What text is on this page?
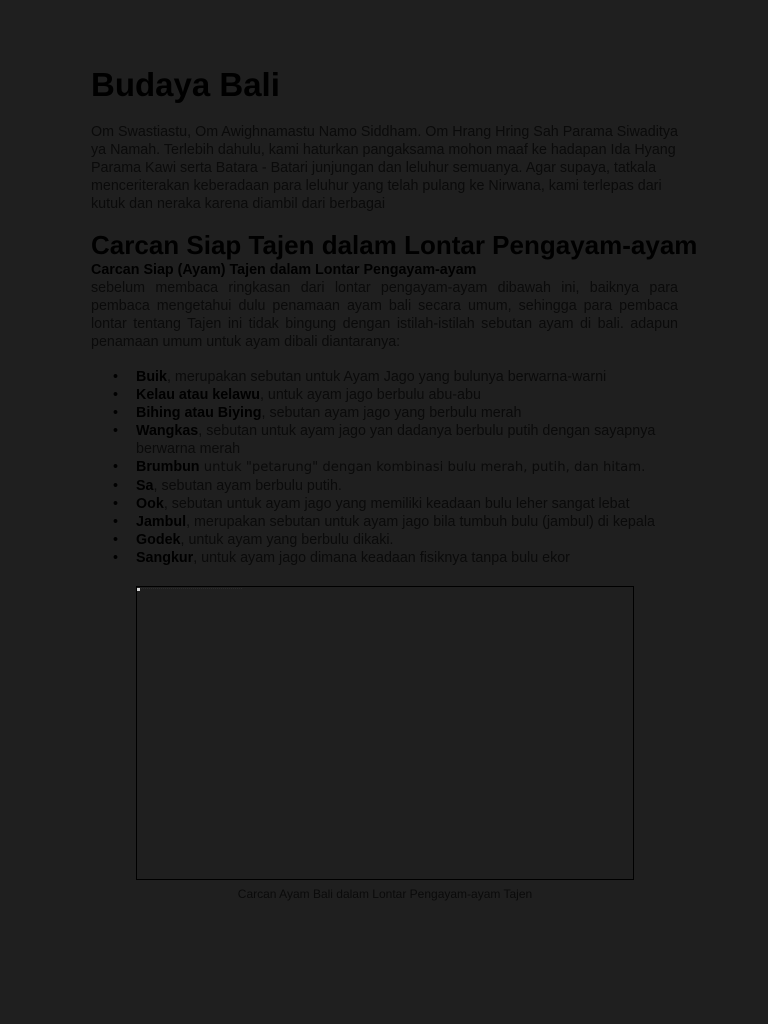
Budaya Bali

Om Swastiastu, Om Awighnamastu Namo Siddham. Om Hrang Hring Sah Parama Siwaditya ya Namah. Terlebih dahulu, kami haturkan pangaksama mohon maaf ke hadapan Ida Hyang Parama Kawi serta Batara - Batari junjungan dan leluhur semuanya. Agar supaya, tatkala menceriterakan keberadaan para leluhur yang telah pulang ke Nirwana, kami terlepas dari kutuk dan neraka karena diambil dari berbagai

Carcan Siap Tajen dalam Lontar Pengayam-ayam

Carcan Siap (Ayam) Tajen dalam Lontar Pengayam-ayam

sebelum membaca ringkasan dari lontar pengayam-ayam dibawah ini, baiknya para pembaca mengetahui dulu penamaan ayam bali secara umum, sehingga para pembaca lontar tentang Tajen ini tidak bingung dengan istilah-istilah sebutan ayam di bali. adapun penamaan umum untuk ayam dibali diantaranya:

• Buik, merupakan sebutan untuk Ayam Jago yang bulunya berwarna-warni
• Kelau atau kelawu, untuk ayam jago berbulu abu-abu
• Bihing atau Biying, sebutan ayam jago yang berbulu merah
• Wangkas, sebutan untuk ayam jago yan dadanya berbulu putih dengan sayapnya berwarna merah
• Brumbun untuk "petarung" dengan kombinasi bulu merah, putih, dan hitam.
• Sa, sebutan ayam berbulu putih.
• Ook, sebutan untuk ayam jago yang memiliki keadaan bulu leher sangat lebat
• Jambul, merupakan sebutan untuk ayam jago bila tumbuh bulu (jambul) di kepala
• Godek, untuk ayam yang berbulu dikaki.
• Sangkur, untuk ayam jago dimana keadaan fisiknya tanpa bulu ekor

Carcan Ayam Bali dalam Lontar Pengayam-ayam Tajen
